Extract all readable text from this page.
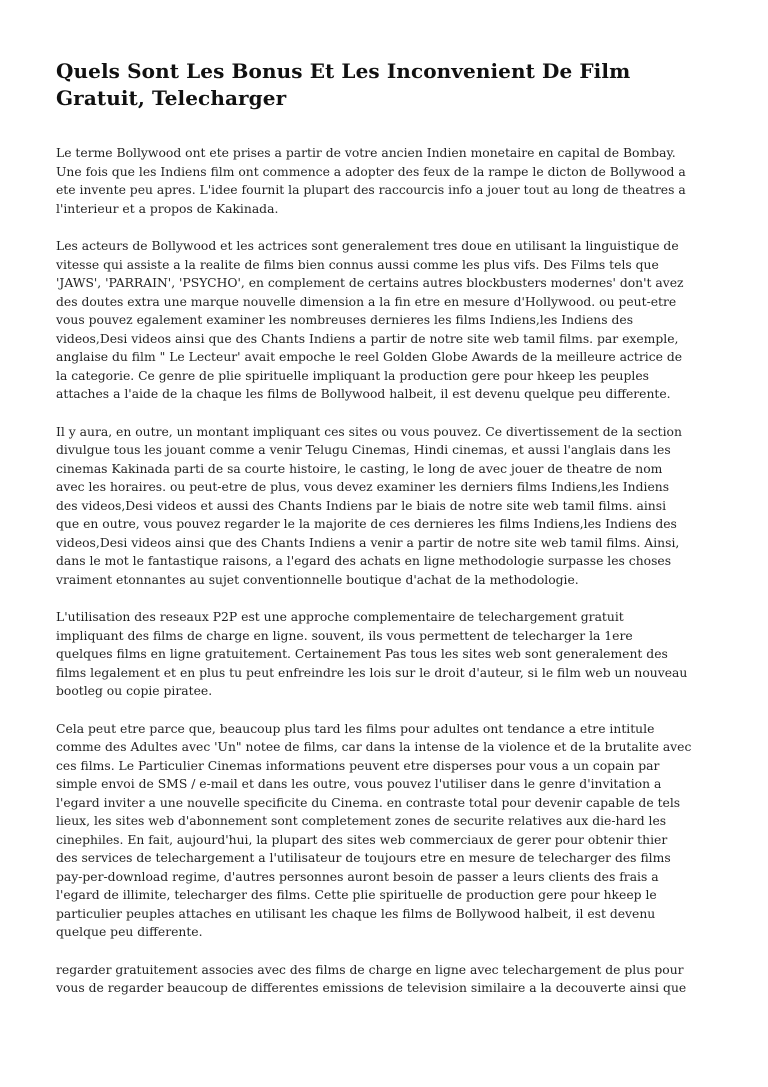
Quels Sont Les Bonus Et Les Inconvenient De Film Gratuit, Telecharger

Le terme Bollywood ont ete prises a partir de votre ancien Indien monetaire en capital de Bombay.
Une fois que les Indiens film ont commence a adopter des feux de la rampe le dicton de Bollywood a
ete invente peu apres. L'idee fournit la plupart des raccourcis info a jouer tout au long de theatres a
l'interieur et a propos de Kakinada.

Les acteurs de Bollywood et les actrices sont generalement tres doue en utilisant la linguistique de
vitesse qui assiste a la realite de films bien connus aussi comme les plus vifs. Des Films tels que
'JAWS', 'PARRAIN', 'PSYCHO', en complement de certains autres blockbusters modernes' don't avez
des doutes extra une marque nouvelle dimension a la fin etre en mesure d'Hollywood. ou peut-etre
vous pouvez egalement examiner les nombreuses dernieres les films Indiens,les Indiens des
videos,Desi videos ainsi que des Chants Indiens a partir de notre site web tamil films. par exemple,
anglaise du film " Le Lecteur' avait empoche le reel Golden Globe Awards de la meilleure actrice de
la categorie. Ce genre de plie spirituelle impliquant la production gere pour hkeep les peuples
attaches a l'aide de la chaque les films de Bollywood halbeit, il est devenu quelque peu differente.

Il y aura, en outre, un montant impliquant ces sites ou vous pouvez. Ce divertissement de la section
divulgue tous les jouant comme a venir Telugu Cinemas, Hindi cinemas, et aussi l'anglais dans les
cinemas Kakinada parti de sa courte histoire, le casting, le long de avec jouer de theatre de nom
avec les horaires. ou peut-etre de plus, vous devez examiner les derniers films Indiens,les Indiens
des videos,Desi videos et aussi des Chants Indiens par le biais de notre site web tamil films. ainsi
que en outre, vous pouvez regarder le la majorite de ces dernieres les films Indiens,les Indiens des
videos,Desi videos ainsi que des Chants Indiens a venir a partir de notre site web tamil films. Ainsi,
dans le mot le fantastique raisons, a l'egard des achats en ligne methodologie surpasse les choses
vraiment etonnantes au sujet conventionnelle boutique d'achat de la methodologie.

L'utilisation des reseaux P2P est une approche complementaire de telechargement gratuit
impliquant des films de charge en ligne. souvent, ils vous permettent de telecharger la 1ere
quelques films en ligne gratuitement. Certainement Pas tous les sites web sont generalement des
films legalement et en plus tu peut enfreindre les lois sur le droit d'auteur, si le film web un nouveau
bootleg ou copie piratee.

Cela peut etre parce que, beaucoup plus tard les films pour adultes ont tendance a etre intitule
comme des Adultes avec 'Un" notee de films, car dans la intense de la violence et de la brutalite avec
ces films. Le Particulier Cinemas informations peuvent etre disperses pour vous a un copain par
simple envoi de SMS / e-mail et dans les outre, vous pouvez l'utiliser dans le genre d'invitation a
l'egard inviter a une nouvelle specificite du Cinema. en contraste total pour devenir capable de tels
lieux, les sites web d'abonnement sont completement zones de securite relatives aux die-hard les
cinephiles. En fait, aujourd'hui, la plupart des sites web commerciaux de gerer pour obtenir thier
des services de telechargement a l'utilisateur de toujours etre en mesure de telecharger des films
pay-per-download regime, d'autres personnes auront besoin de passer a leurs clients des frais a
l'egard de illimite, telecharger des films. Cette plie spirituelle de production gere pour hkeep le
particulier peuples attaches en utilisant les chaque les films de Bollywood halbeit, il est devenu
quelque peu differente.

regarder gratuitement associes avec des films de charge en ligne avec telechargement de plus pour
vous de regarder beaucoup de differentes emissions de television similaire a la decouverte ainsi que
